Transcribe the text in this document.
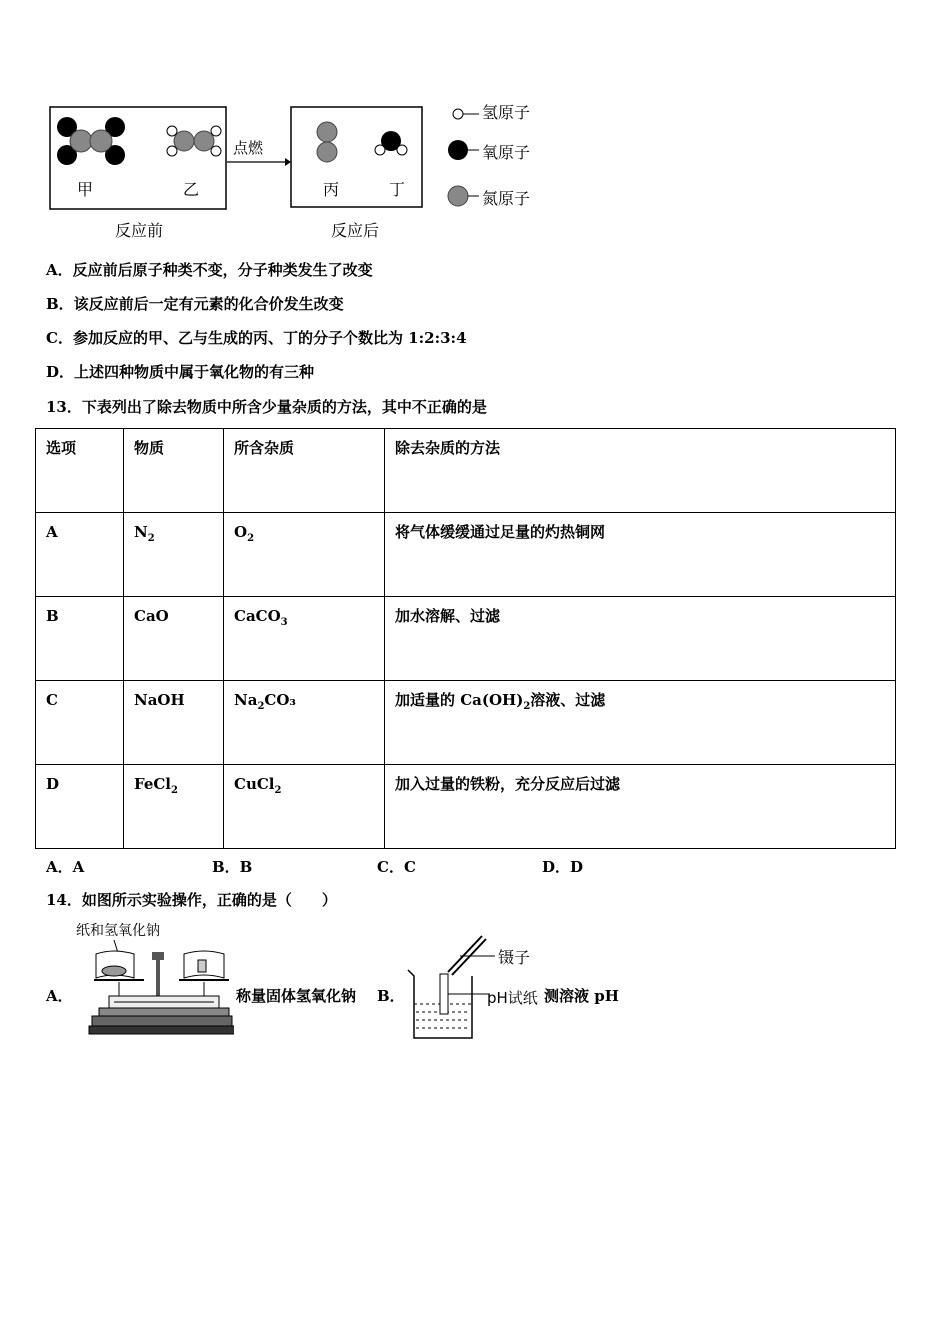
甲	乙	丙	丁
点燃
反应前	反应后
氢原子
氧原子
氮原子
A．反应前后原子种类不变，分子种类发生了改变
B．该反应前后一定有元素的化合价发生改变
C．参加反应的甲、乙与生成的丙、丁的分子个数比为 1:2:3:4
D．上述四种物质中属于氧化物的有三种
13．下表列出了除去物质中所含少量杂质的方法，其中不正确的是
选项	物质	所含杂质	除去杂质的方法
A	$N_2$	$O_2$	将气体缓缓通过足量的灼热铜网
B	CaO	CaCO$_3$	加水溶解、过滤
C	NaOH	$Na_2CO_3$	加适量的 $Ca(OH)_2$溶液、过滤
D	FeCl$_2$	CuCl$_2$	加入过量的铁粉，充分反应后过滤
A．A	B．B	C．C	D．D
14．如图所示实验操作，正确的是（　　）
A．
纸和氢氧化钠
称量固体氢氧化钠 B．
镊子
pH试纸 测溶液 pH
